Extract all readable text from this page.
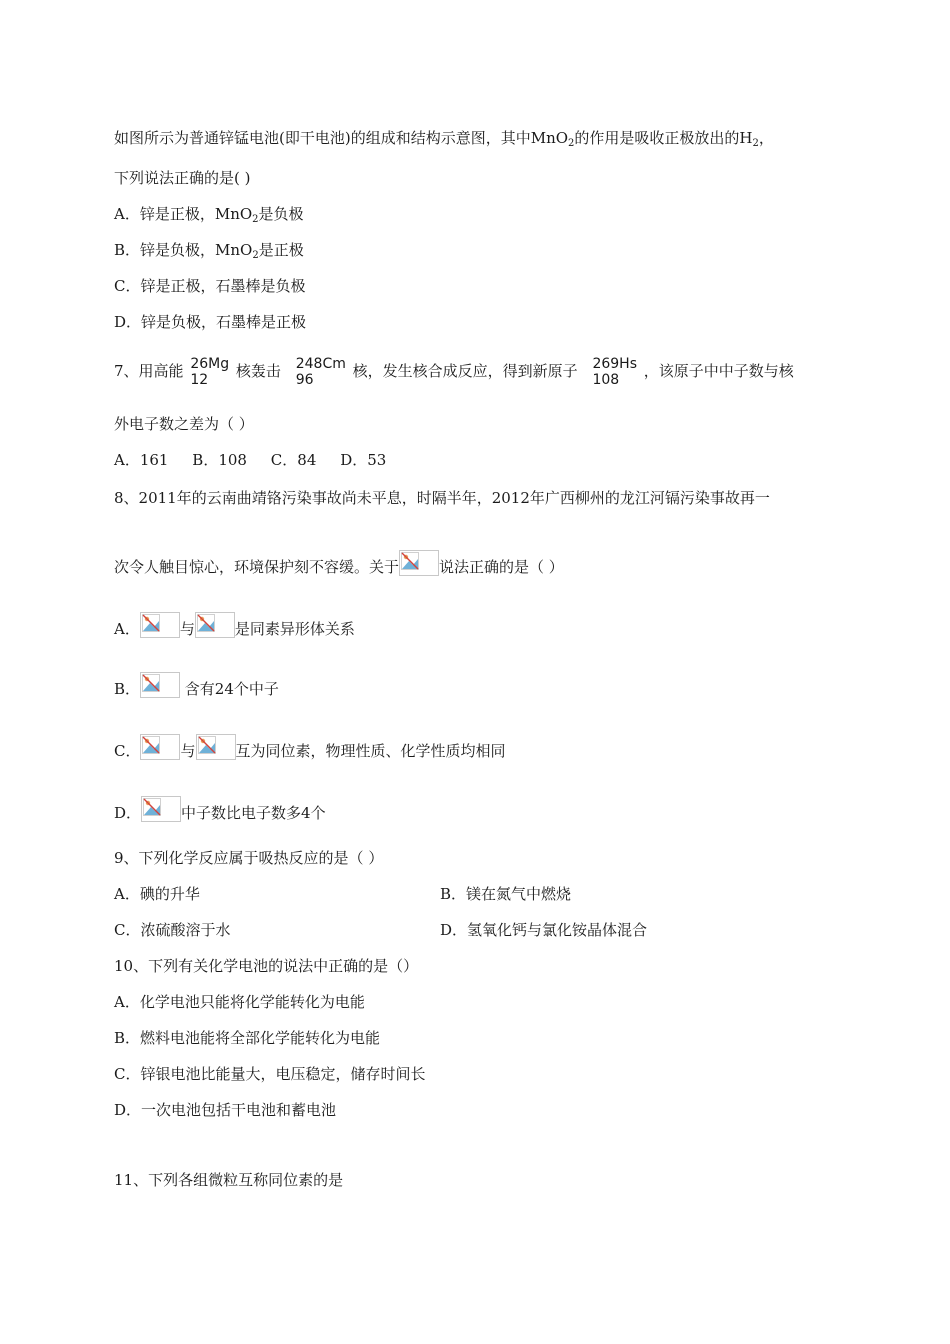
如图所示为普通锌锰电池(即干电池)的组成和结构示意图，其中MnO$_2$的作用是吸收正极放出的$H_2$，
下列说法正确的是( )
A．锌是正极，MnO$_2$是负极
B．锌是负极，MnO$_2$是正极
C．锌是正极，石墨棒是负极
D．锌是负极，石墨棒是正极
7、用高能 26Mg
12	核轰击 248Cm
96	核，发生核合成反应，得到新原子 269Hs
108	，该原子中中子数与核
外电子数之差为（ ）
A．161     B．108     C．84     D．53
8、2011年的云南曲靖铬污染事故尚未平息，时隔半年，2012年广西柳州的龙江河镉污染事故再一
次令人触目惊心，环境保护刻不容缓。关于	说法正确的是（ ）
A．	与	是同素异形体关系
B．	含有24个中子
C．	与	互为同位素，物理性质、化学性质均相同
D．	中子数比电子数多4个
9、下列化学反应属于吸热反应的是（ ）
A．碘的升华	B．镁在氮气中燃烧
C．浓硫酸溶于水	D．氢氧化钙与氯化铵晶体混合
10、下列有关化学电池的说法中正确的是（）
A．化学电池只能将化学能转化为电能
B．燃料电池能将全部化学能转化为电能
C．锌银电池比能量大，电压稳定，储存时间长
D．一次电池包括干电池和蓄电池
11、下列各组微粒互称同位素的是
